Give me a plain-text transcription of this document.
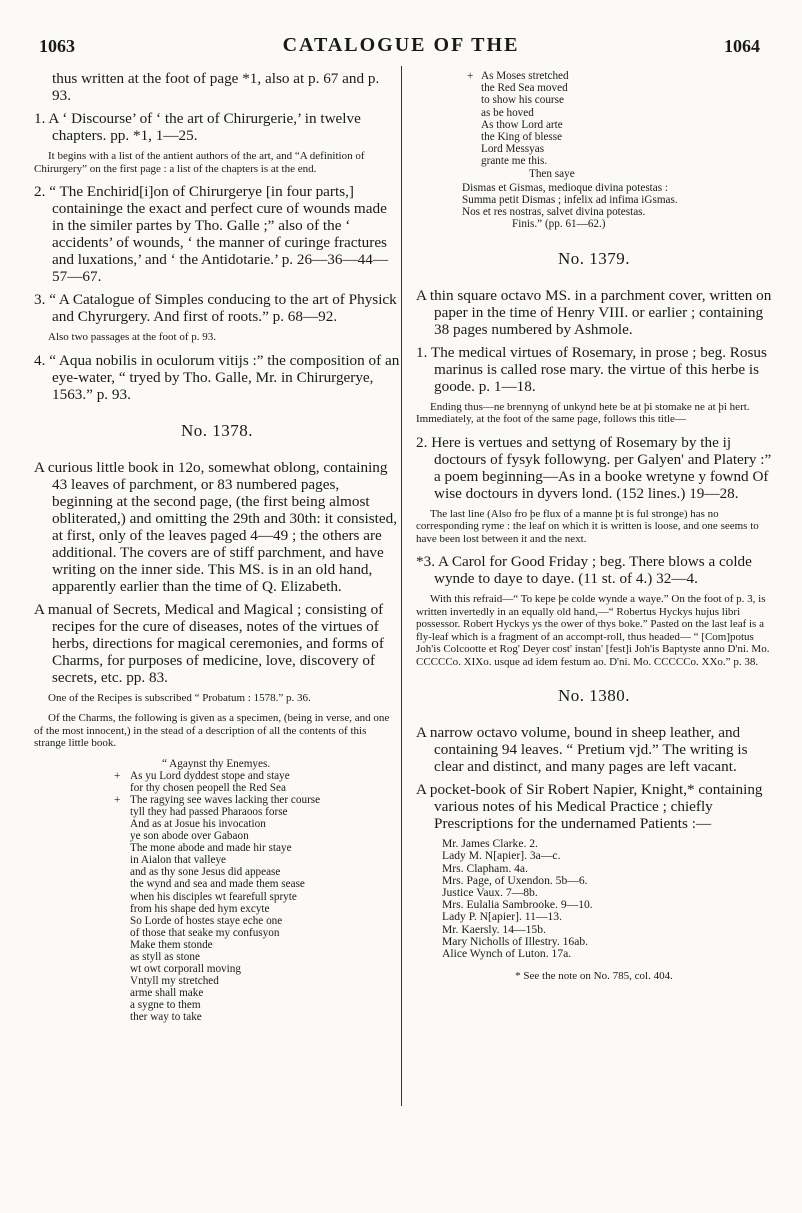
1063	CATALOGUE OF THE	1064

thus written at the foot of page *1, also at p. 67 and p. 93.

1. A ‘ Discourse’ of ‘ the art of Chirurgerie,’ in twelve chapters. pp. *1, 1—25.

It begins with a list of the antient authors of the art, and “A definition of Chirurgery” on the first page : a list of the chapters is at the end.

2. “ The Enchirid[i]on of Chirurgerye [in four parts,] containinge the exact and perfect cure of wounds made in the similer partes by Tho. Galle ;” also of the ‘ accidents’ of wounds, ‘ the manner of curinge fractures and luxations,’ and ‘ the Antidotarie.’ p. 26—36—44—57—67.

3. “ A Catalogue of Simples conducing to the art of Physick and Chyrurgery. And first of roots.” p. 68—92.

Also two passages at the foot of p. 93.

4. “ Aqua nobilis in oculorum vitijs :” the composition of an eye-water, “ tryed by Tho. Galle, Mr. in Chirurgerye, 1563.” p. 93.

No. 1378.

A curious little book in 12o, somewhat oblong, containing 43 leaves of parchment, or 83 numbered pages, beginning at the second page, (the first being almost obliterated,) and omitting the 29th and 30th: it consisted, at first, only of the leaves paged 4—49 ; the others are additional. The covers are of stiff parchment, and have writing on the inner side. This MS. is in an old hand, apparently earlier than the time of Q. Elizabeth.

A manual of Secrets, Medical and Magical ; consisting of recipes for the cure of diseases, notes of the virtues of herbs, directions for magical ceremonies, and forms of Charms, for purposes of medicine, love, discovery of secrets, etc. pp. 83.

One of the Recipes is subscribed “ Probatum : 1578.” p. 36.

Of the Charms, the following is given as a specimen, (being in verse, and one of the most innocent,) in the stead of a description of all the contents of this strange little book.

“ Agaynst thy Enemyes.
+ As yu Lord dyddest stope and staye
for thy chosen peopell the Red Sea
+ The ragying see waves lacking ther course
tyll they had passed Pharaoos forse
And as at Josue his invocation
ye son abode over Gabaon
The mone abode and made hir staye
in Aialon that valleye
and as thy sone Jesus did appease
the wynd and sea and made them sease
when his disciples wt fearefull spryte
from his shape ded hym excyte
So Lorde of hostes staye eche one
of those that seake my confusyon
Make them stonde
as styll as stone
wt owt corporall moving
Vntyll my stretched
arme shall make
a sygne to them
ther way to take
+ As Moses stretched
the Red Sea moved
to show his course
as be hoved
As thow Lord arte
the King of blesse
Lord Messyas
grante me this.
Then saye
Dismas et Gismas, medioque divina potestas :
Summa petit Dismas ; infelix ad infima iGsmas.
Nos et res nostras, salvet divina potestas.
Finis.” (pp. 61—62.)
No. 1379.

A thin square octavo MS. in a parchment cover, written on paper in the time of Henry VIII. or earlier ; containing 38 pages numbered by Ashmole.

1. The medical virtues of Rosemary, in prose ; beg. Rosus marinus is called rose mary. the virtue of this herbe is goode. p. 1—18.

Ending thus—ne brennyng of unkynd hete be at þi stomake ne at þi hert. Immediately, at the foot of the same page, follows this title—

2. Here is vertues and settyng of Rosemary by the ij doctours of fysyk followyng. per Galyen' and Platery :” a poem beginning—As in a booke wretyne y fownd Of wise doctours in dyvers lond. (152 lines.) 19—28.

The last line (Also fro þe flux of a manne þt is ful stronge) has no corresponding ryme : the leaf on which it is written is loose, and one seems to have been lost between it and the next.

*3. A Carol for Good Friday ; beg. There blows a colde wynde to daye to daye. (11 st. of 4.) 32—4.

With this refraid—“ To kepe þe colde wynde a waye.” On the foot of p. 3, is written invertedly in an equally old hand,—“ Robertus Hyckys hujus libri possessor. Robert Hyckys ys the ower of thys boke.” Pasted on the last leaf is a fly-leaf which is a fragment of an accompt-roll, thus headed— “ [Com]potus Joh'is Colcootte et Rog' Deyer cost' instan' [fest]i Joh'is Baptyste anno D'ni. Mo. CCCCCo. XIXo. usque ad idem festum ao. D'ni. Mo. CCCCCo. XXo.” p. 38.

No. 1380.

A narrow octavo volume, bound in sheep leather, and containing 94 leaves. “ Pretium vjd.” The writing is clear and distinct, and many pages are left vacant.

A pocket-book of Sir Robert Napier, Knight,* containing various notes of his Medical Practice ; chiefly Prescriptions for the undernamed Patients :—

Mr. James Clarke. 2.
Lady M. N[apier]. 3a—c.
Mrs. Clapham. 4a.
Mrs. Page, of Uxendon. 5b—6.
Justice Vaux. 7—8b.
Mrs. Eulalia Sambrooke. 9—10.
Lady P. N[apier]. 11—13.
Mr. Kaersly. 14—15b.
Mary Nicholls of Illestry. 16ab.
Alice Wynch of Luton. 17a.
* See the note on No. 785, col. 404.
